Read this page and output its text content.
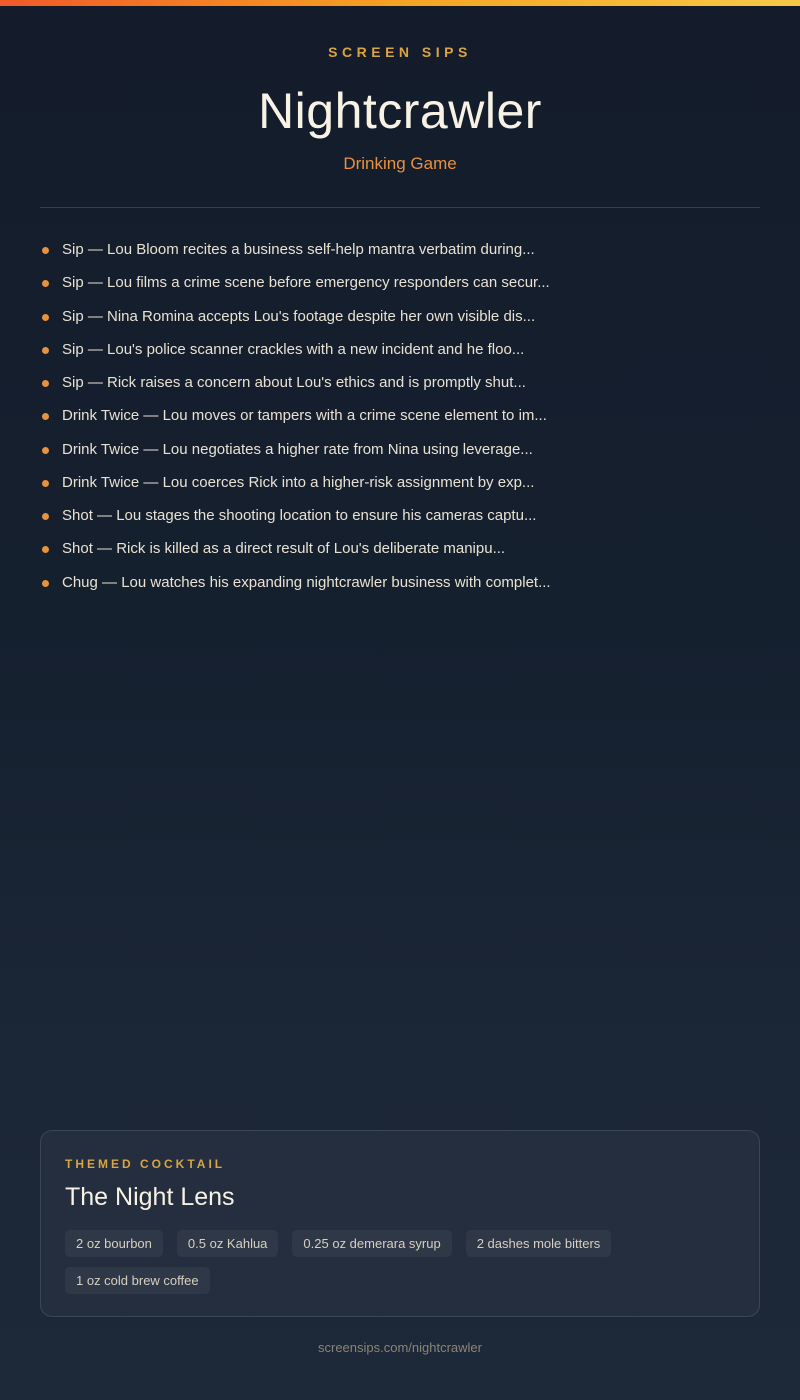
SCREEN SIPS
Nightcrawler
Drinking Game
Sip — Lou Bloom recites a business self-help mantra verbatim during...
Sip — Lou films a crime scene before emergency responders can secur...
Sip — Nina Romina accepts Lou's footage despite her own visible dis...
Sip — Lou's police scanner crackles with a new incident and he floo...
Sip — Rick raises a concern about Lou's ethics and is promptly shut...
Drink Twice — Lou moves or tampers with a crime scene element to im...
Drink Twice — Lou negotiates a higher rate from Nina using leverage...
Drink Twice — Lou coerces Rick into a higher-risk assignment by exp...
Shot — Lou stages the shooting location to ensure his cameras captu...
Shot — Rick is killed as a direct result of Lou's deliberate manipu...
Chug — Lou watches his expanding nightcrawler business with complet...
THEMED COCKTAIL
The Night Lens
2 oz bourbon	0.5 oz Kahlua	0.25 oz demerara syrup	2 dashes mole bitters
1 oz cold brew coffee
screensips.com/nightcrawler
